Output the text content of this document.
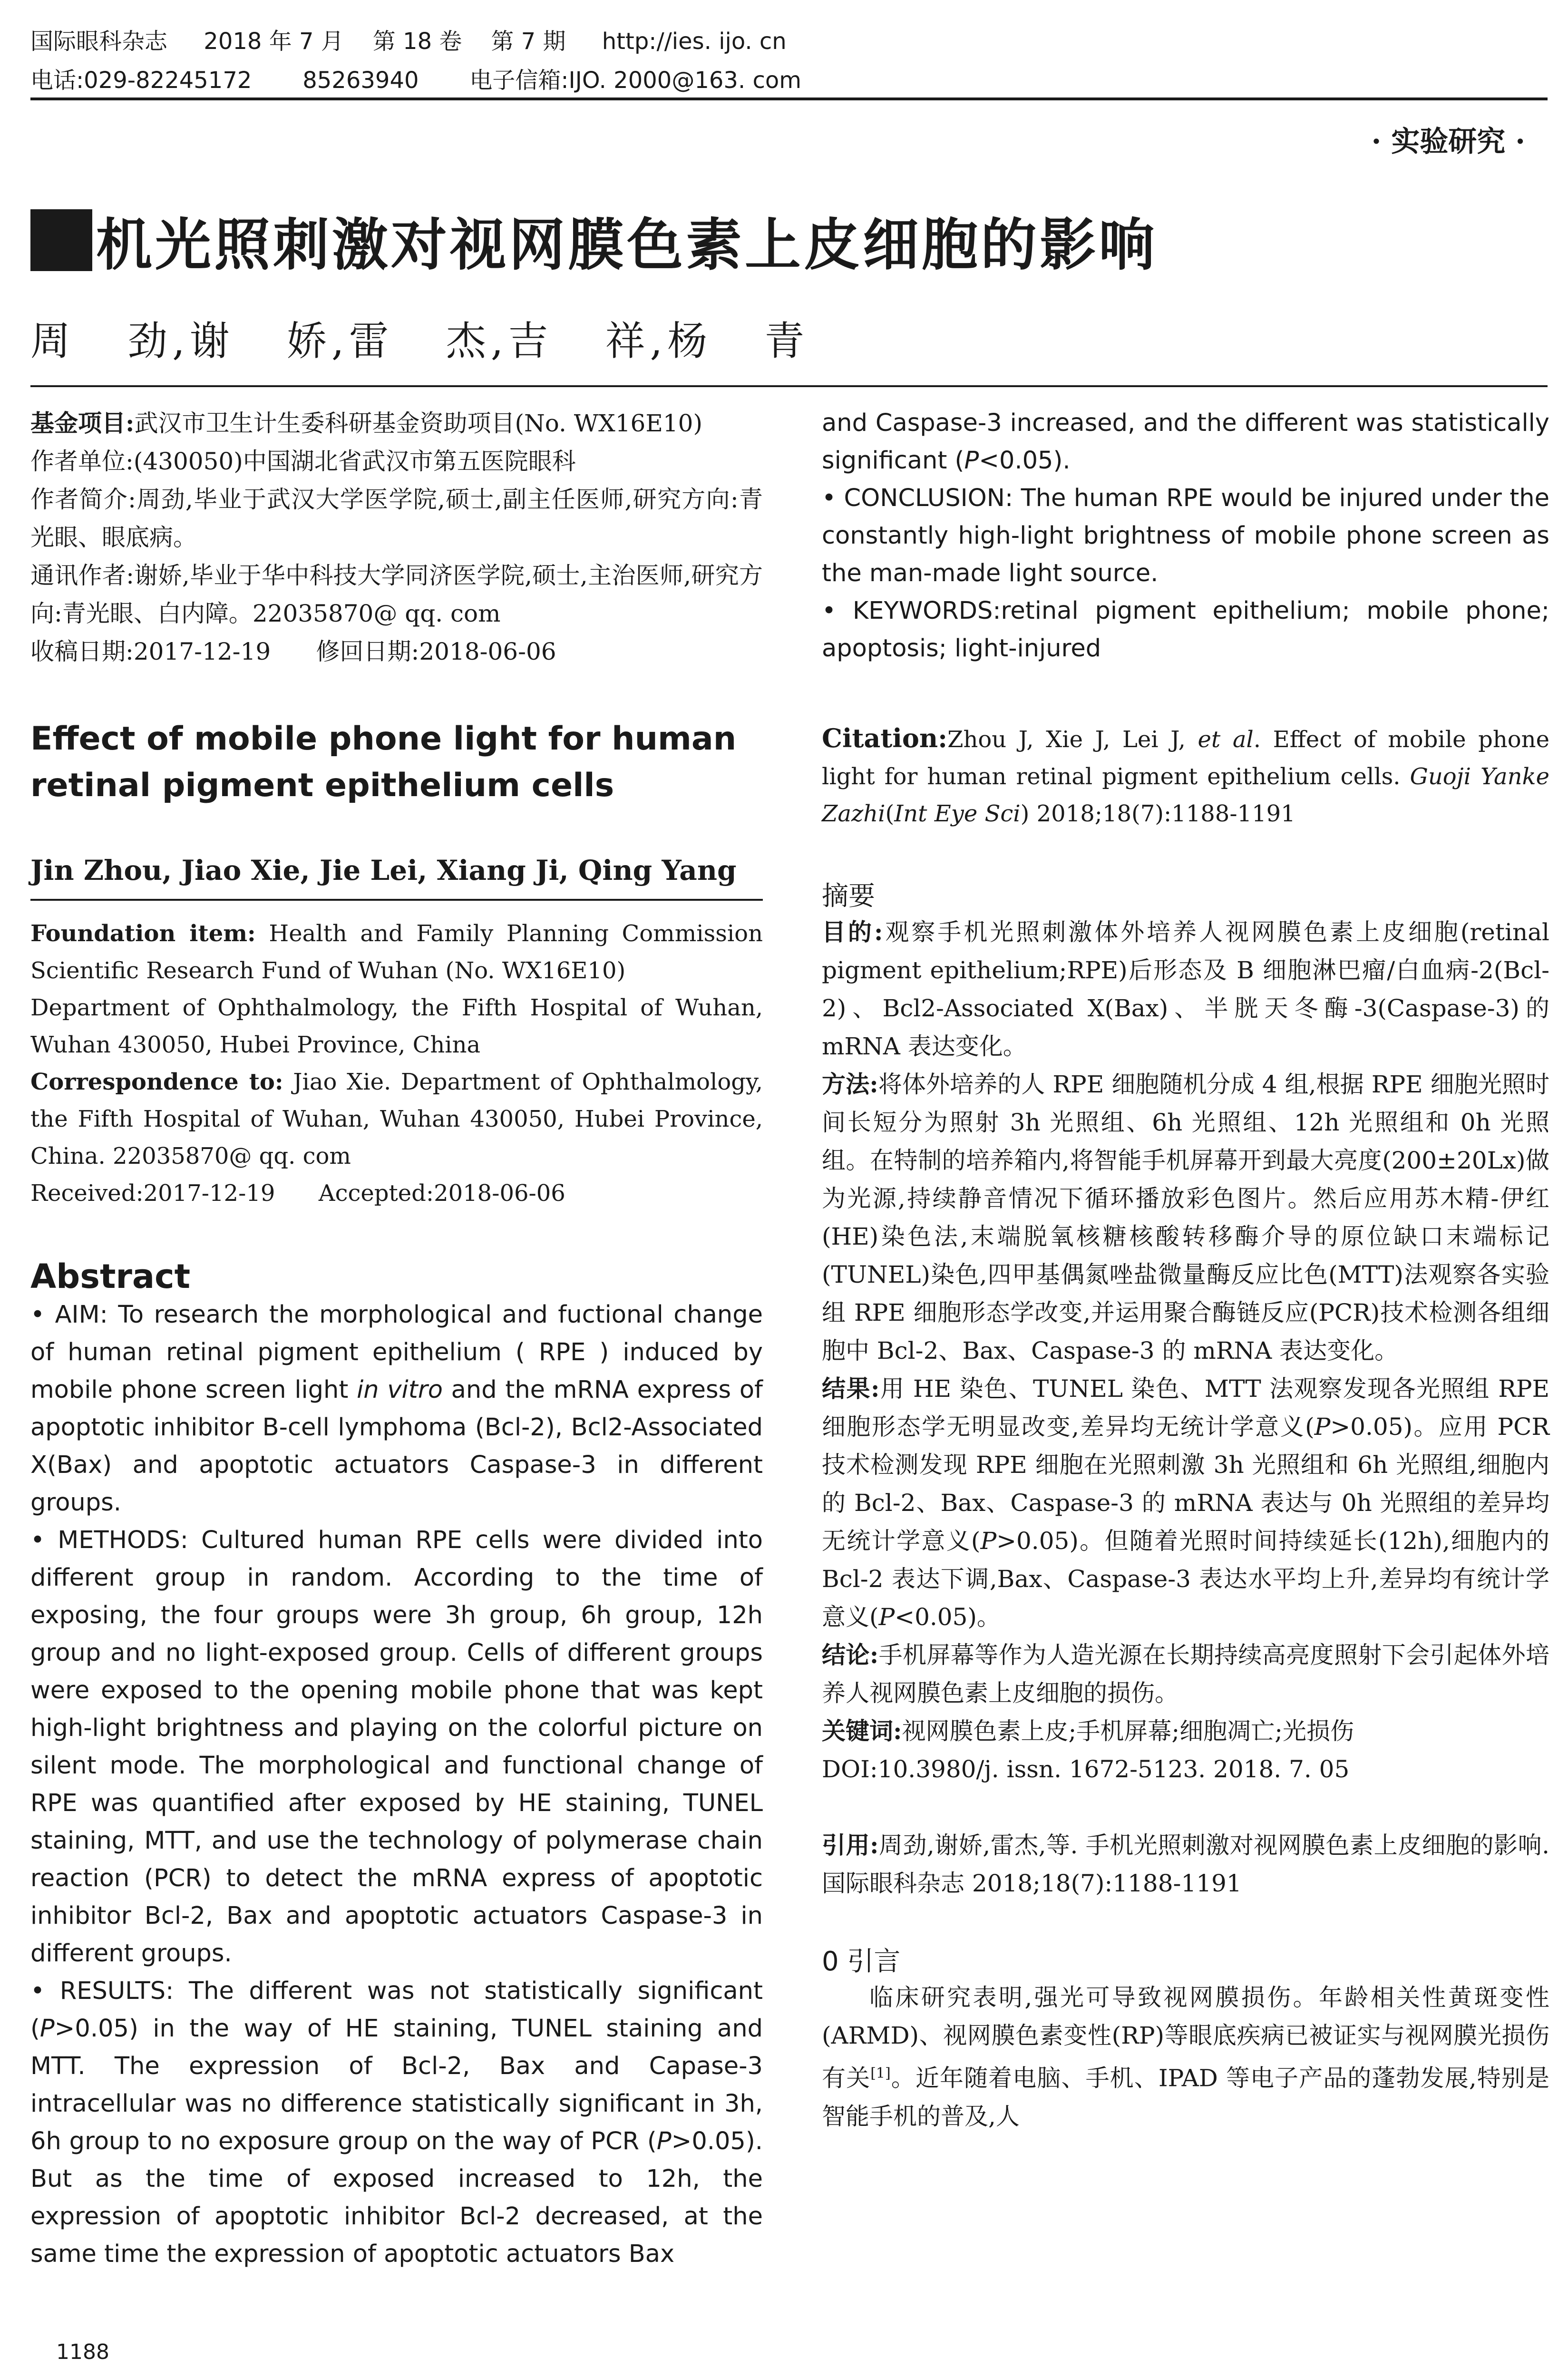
国际眼科杂志     2018 年 7 月    第 18 卷    第 7 期     http://ies. ijo. cn
电话:029-82245172       85263940       电子信箱:IJO. 2000@163. com
· 实验研究 ·
手 机光照刺激对视网膜色素上皮细胞的影响
周   劲,谢   娇,雷   杰,吉   祥,杨   青

基金项目:武汉市卫生计生委科研基金资助项目(No. WX16E10)

作者单位:(430050)中国湖北省武汉市第五医院眼科

作者简介:周劲,毕业于武汉大学医学院,硕士,副主任医师,研究方向:青光眼、眼底病。

通讯作者:谢娇,毕业于华中科技大学同济医学院,硕士,主治医师,研究方向:青光眼、白内障。22035870@ qq. com

收稿日期:2017-12-19      修回日期:2018-06-06

Effect of mobile phone light for human retinal pigment epithelium cells

Jin Zhou, Jiao Xie, Jie Lei, Xiang Ji, Qing Yang

Foundation item: Health and Family Planning Commission Scientific Research Fund of Wuhan (No. WX16E10)

Department of Ophthalmology, the Fifth Hospital of Wuhan, Wuhan 430050, Hubei Province, China

Correspondence to: Jiao Xie. Department of Ophthalmology, the Fifth Hospital of Wuhan, Wuhan 430050, Hubei Province, China. 22035870@ qq. com

Received:2017-12-19      Accepted:2018-06-06

Abstract

• AIM: To research the morphological and fuctional change of human retinal pigment epithelium ( RPE ) induced by mobile phone screen light in vitro and the mRNA express of apoptotic inhibitor B-cell lymphoma (Bcl-2), Bcl2-Associated X(Bax) and apoptotic actuators Caspase-3 in different groups.

• METHODS: Cultured human RPE cells were divided into different group in random. According to the time of exposing, the four groups were 3h group, 6h group, 12h group and no light-exposed group. Cells of different groups were exposed to the opening mobile phone that was kept high-light brightness and playing on the colorful picture on silent mode. The morphological and functional change of RPE was quantified after exposed by HE staining, TUNEL staining, MTT, and use the technology of polymerase chain reaction (PCR) to detect the mRNA express of apoptotic inhibitor Bcl-2, Bax and apoptotic actuators Caspase-3 in different groups.

• RESULTS: The different was not statistically significant (P>0.05) in the way of HE staining, TUNEL staining and MTT. The expression of Bcl-2, Bax and Capase-3 intracellular was no difference statistically significant in 3h, 6h group to no exposure group on the way of PCR (P>0.05). But as the time of exposed increased to 12h, the expression of apoptotic inhibitor Bcl-2 decreased, at the same time the expression of apoptotic actuators Bax

and Caspase-3 increased, and the different was statistically significant (P<0.05).

• CONCLUSION: The human RPE would be injured under the constantly high-light brightness of mobile phone screen as the man-made light source.

• KEYWORDS:retinal pigment epithelium; mobile phone; apoptosis; light-injured

Citation:Zhou J, Xie J, Lei J, et al. Effect of mobile phone light for human retinal pigment epithelium cells. Guoji Yanke Zazhi(Int Eye Sci) 2018;18(7):1188-1191

摘要

目的:观察手机光照刺激体外培养人视网膜色素上皮细胞(retinal pigment epithelium;RPE)后形态及 B 细胞淋巴瘤/白血病-2(Bcl-2)、Bcl2-Associated X(Bax)、半胱天冬酶-3(Caspase-3)的 mRNA 表达变化。

方法:将体外培养的人 RPE 细胞随机分成 4 组,根据 RPE 细胞光照时间长短分为照射 3h 光照组、6h 光照组、12h 光照组和 0h 光照组。在特制的培养箱内,将智能手机屏幕开到最大亮度(200±20Lx)做为光源,持续静音情况下循环播放彩色图片。然后应用苏木精-伊红(HE)染色法,末端脱氧核糖核酸转移酶介导的原位缺口末端标记(TUNEL)染色,四甲基偶氮唑盐微量酶反应比色(MTT)法观察各实验组 RPE 细胞形态学改变,并运用聚合酶链反应(PCR)技术检测各组细胞中 Bcl-2、Bax、Caspase-3 的 mRNA 表达变化。

结果:用 HE 染色、TUNEL 染色、MTT 法观察发现各光照组 RPE 细胞形态学无明显改变,差异均无统计学意义(P>0.05)。应用 PCR 技术检测发现 RPE 细胞在光照刺激 3h 光照组和 6h 光照组,细胞内的 Bcl-2、Bax、Caspase-3 的 mRNA 表达与 0h 光照组的差异均无统计学意义(P>0.05)。但随着光照时间持续延长(12h),细胞内的 Bcl-2 表达下调,Bax、Caspase-3 表达水平均上升,差异均有统计学意义(P<0.05)。

结论:手机屏幕等作为人造光源在长期持续高亮度照射下会引起体外培养人视网膜色素上皮细胞的损伤。

关键词:视网膜色素上皮;手机屏幕;细胞凋亡;光损伤

DOI:10.3980/j. issn. 1672-5123. 2018. 7. 05

引用:周劲,谢娇,雷杰,等. 手机光照刺激对视网膜色素上皮细胞的影响. 国际眼科杂志 2018;18(7):1188-1191

0 引言

临床研究表明,强光可导致视网膜损伤。年龄相关性黄斑变性(ARMD)、视网膜色素变性(RP)等眼底疾病已被证实与视网膜光损伤有关[1]。近年随着电脑、手机、IPAD 等电子产品的蓬勃发展,特别是智能手机的普及,人

1188
